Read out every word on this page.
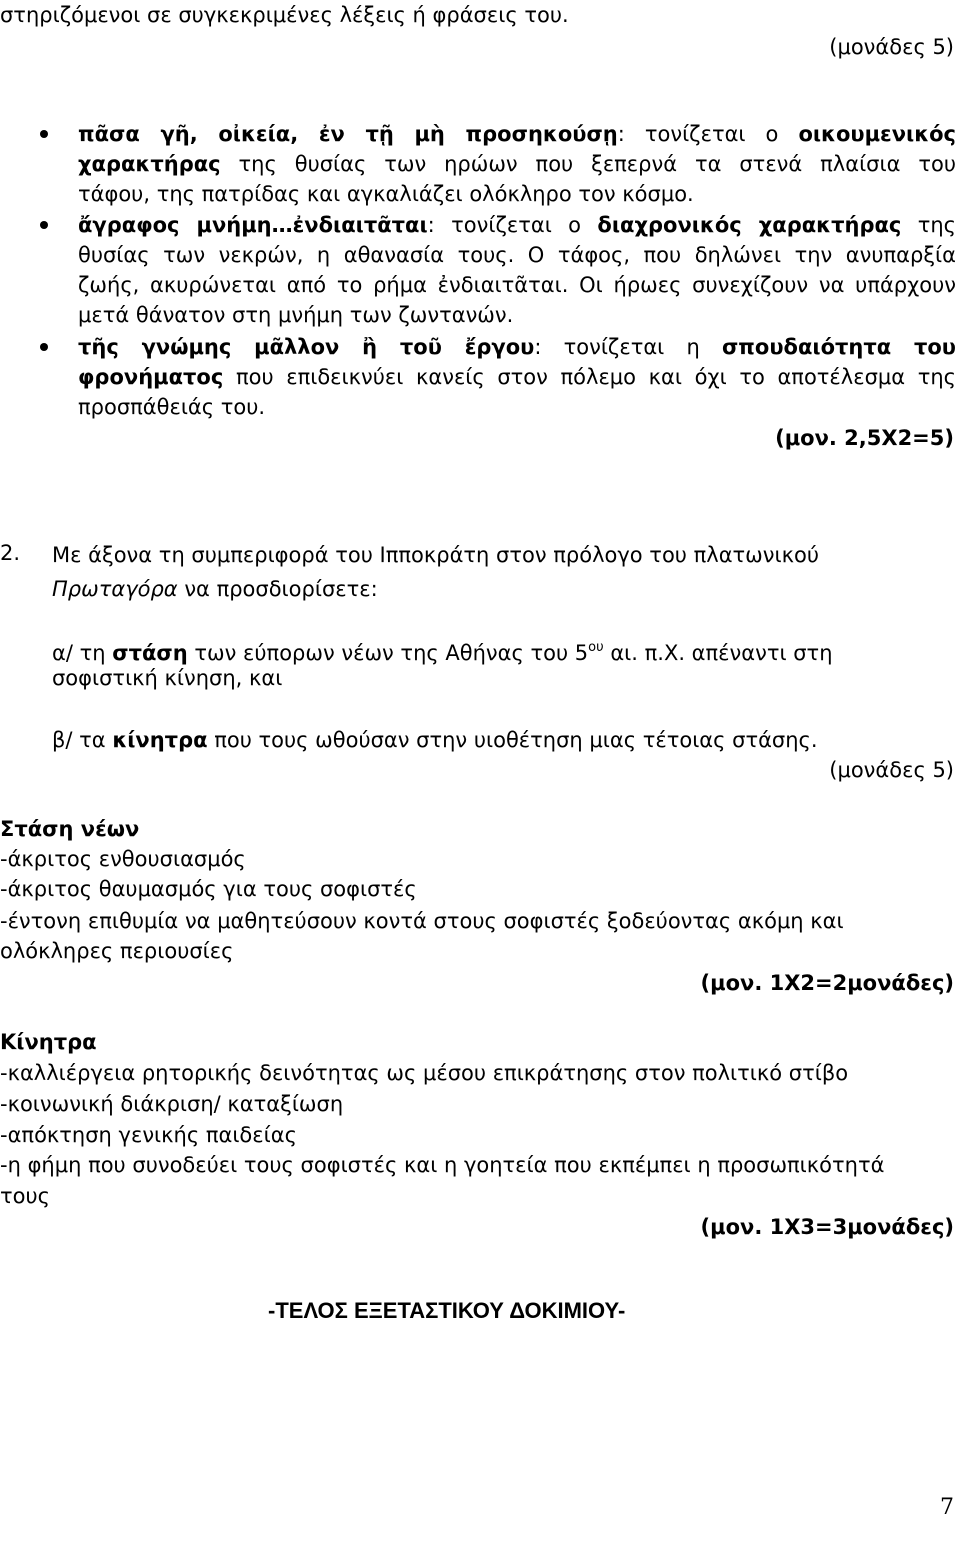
στηριζόμενοι σε συγκεκριμένες λέξεις ή φράσεις του.
(μονάδες 5)
πᾶσα γῆ, οἰκεία, ἐν τῇ μὴ προσηκούσῃ: τονίζεται ο οικουμενικός
χαρακτήρας της θυσίας των ηρώων που ξεπερνά τα στενά πλαίσια του
τάφου, της πατρίδας και αγκαλιάζει ολόκληρο τον κόσμο.
ἄγραφος μνήμη…ἐνδιαιτᾶται: τονίζεται ο διαχρονικός χαρακτήρας της
θυσίας των νεκρών, η αθανασία τους. Ο τάφος, που δηλώνει την ανυπαρξία
ζωής, ακυρώνεται από το ρήμα ἐνδιαιτᾶται. Οι ήρωες συνεχίζουν να υπάρχουν
μετά θάνατον στη μνήμη των ζωντανών.
τῆς γνώμης μᾶλλον ἢ τοῦ ἔργου: τονίζεται η σπουδαιότητα του
φρονήματος που επιδεικνύει κανείς στον πόλεμο και όχι το αποτέλεσμα της
προσπάθειάς του.
(μον. 2,5Χ2=5)
2. Με άξονα τη συμπεριφορά του Ιπποκράτη στον πρόλογο του πλατωνικού
Πρωταγόρα να προσδιορίσετε:
α/ τη στάση των εύπορων νέων της Αθήνας του $5^{o\upsilon}$ αι. π.Χ. απέναντι στη
σοφιστική κίνηση, και
β/ τα κίνητρα που τους ωθούσαν στην υιοθέτηση μιας τέτοιας στάσης.
(μονάδες 5)
Στάση νέων
-άκριτος ενθουσιασμός
-άκριτος θαυμασμός για τους σοφιστές
-έντονη επιθυμία να μαθητεύσουν κοντά στους σοφιστές ξοδεύοντας ακόμη και
ολόκληρες περιουσίες
(μον. 1Χ2=2μονάδες)
Κίνητρα
-καλλιέργεια ρητορικής δεινότητας ως μέσου επικράτησης στον πολιτικό στίβο
-κοινωνική διάκριση/ καταξίωση
-απόκτηση γενικής παιδείας
-η φήμη που συνοδεύει τους σοφιστές και η γοητεία που εκπέμπει η προσωπικότητά
τους
(μον. 1Χ3=3μονάδες)
-ΤΕΛΟΣ ΕΞΕΤΑΣΤΙΚΟΥ ΔΟΚΙΜΙΟΥ-
7
